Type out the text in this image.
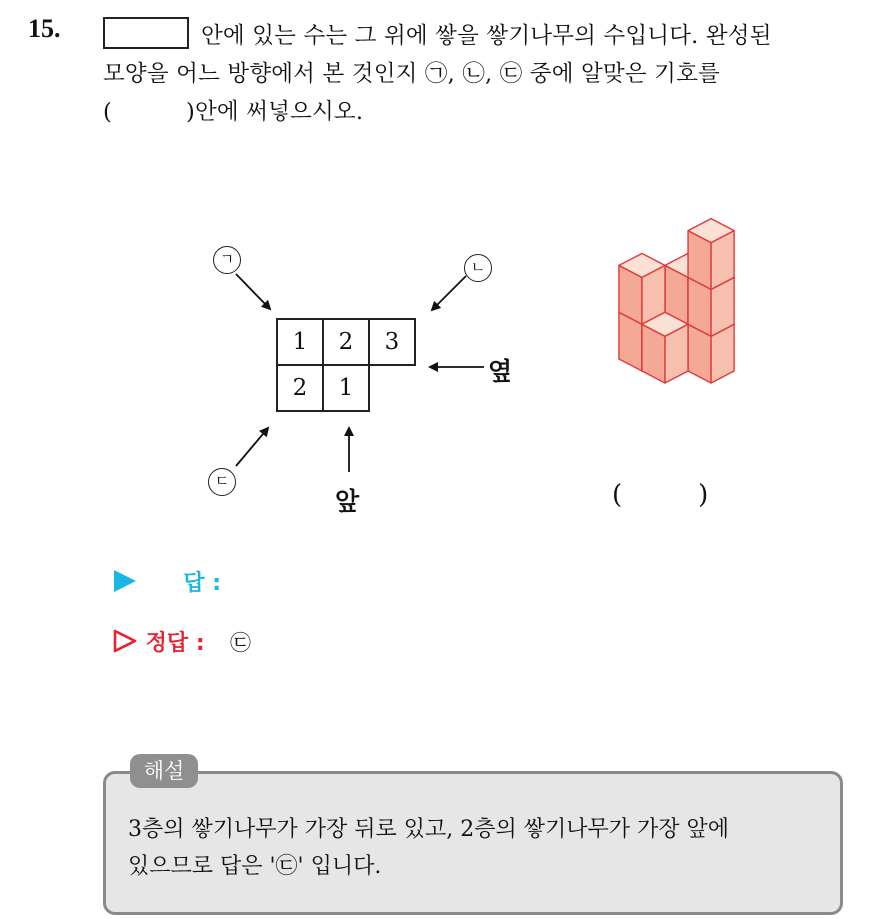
15.	안에 있는 수는 그 위에 쌓을 쌓기나무의 수입니다. 완성된
모양을 어느 방향에서 본 것인지 ㉠, ㉡, ㉢ 중에 알맞은 기호를
(	)안에 써넣으시오.
1	2	3
2	1
ㄱ	ㄴ
ㄷ
옆
앞	(	)
답 :
정답 : ㉢
해설
3층의 쌓기나무가 가장 뒤로 있고, 2층의 쌓기나무가 가장 앞에
있으므로 답은 '㉢' 입니다.
